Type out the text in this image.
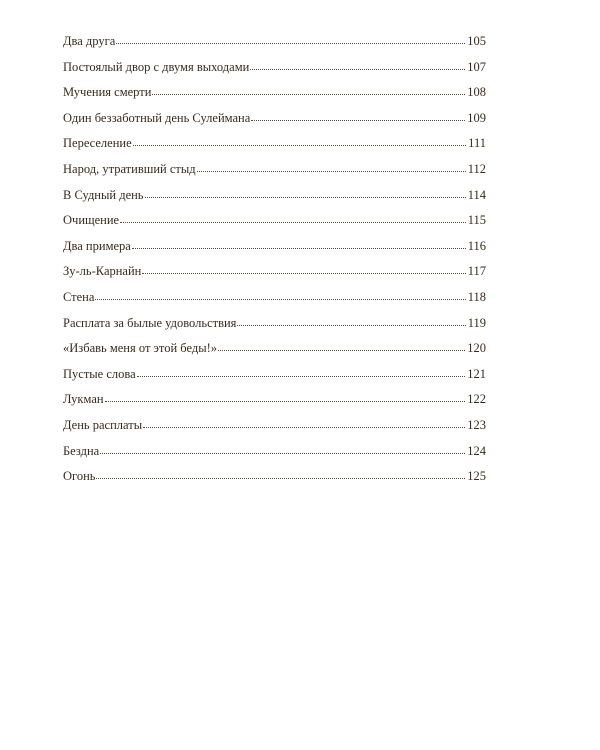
Два друга	105
Постоялый двор с двумя выходами	107
Мучения смерти	108
Один беззаботный день Сулеймана	109
Переселение	111
Народ, утративший стыд	112
В Судный день	114
Очищение	115
Два примера	116
Зу-ль-Карнайн	117
Стена	118
Расплата за былые удовольствия	119
«Избавь меня от этой беды!»	120
Пустые слова	121
Лукман	122
День расплаты	123
Бездна	124
Огонь	125
